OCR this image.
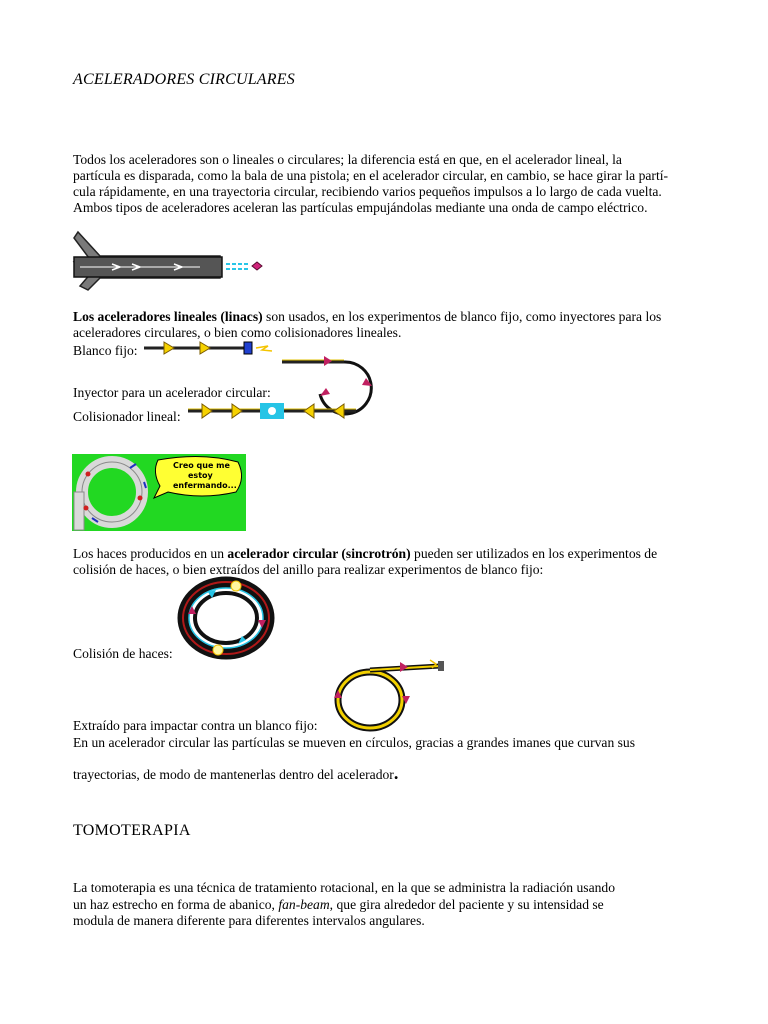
ACELERADORES CIRCULARES

Todos los aceleradores son o lineales o circulares; la diferencia está en que, en el acelerador lineal, la

partícula es disparada, como la bala de una pistola; en el acelerador circular, en cambio, se hace girar la partí-

cula rápidamente, en una trayectoria circular, recibiendo varios pequeños impulsos a lo largo de cada vuelta.

Ambos tipos de aceleradores aceleran las partículas empujándolas mediante una onda de campo eléctrico.

Los aceleradores lineales (linacs) son usados, en los experimentos de blanco fijo, como inyectores para los

aceleradores circulares, o bien como colisionadores lineales.

Blanco fijo:
Inyector para un acelerador circular:
Colisionador lineal:
Creo que me
estoy
enfermando...

Los haces producidos en un acelerador circular (sincrotrón) pueden ser utilizados en los experimentos de

colisión de haces, o bien extraídos del anillo para realizar experimentos de blanco fijo:

Colisión de haces:
Extraído para impactar contra un blanco fijo:

En un acelerador circular las partículas se mueven en círculos, gracias a grandes imanes que curvan sus

trayectorias, de modo de mantenerlas dentro del acelerador.

TOMOTERAPIA

La tomoterapia es una técnica de tratamiento rotacional, en la que se administra la radiación usando

un haz estrecho en forma de abanico, fan-beam, que gira alrededor del paciente y su intensidad se

modula de manera diferente para diferentes intervalos angulares.
